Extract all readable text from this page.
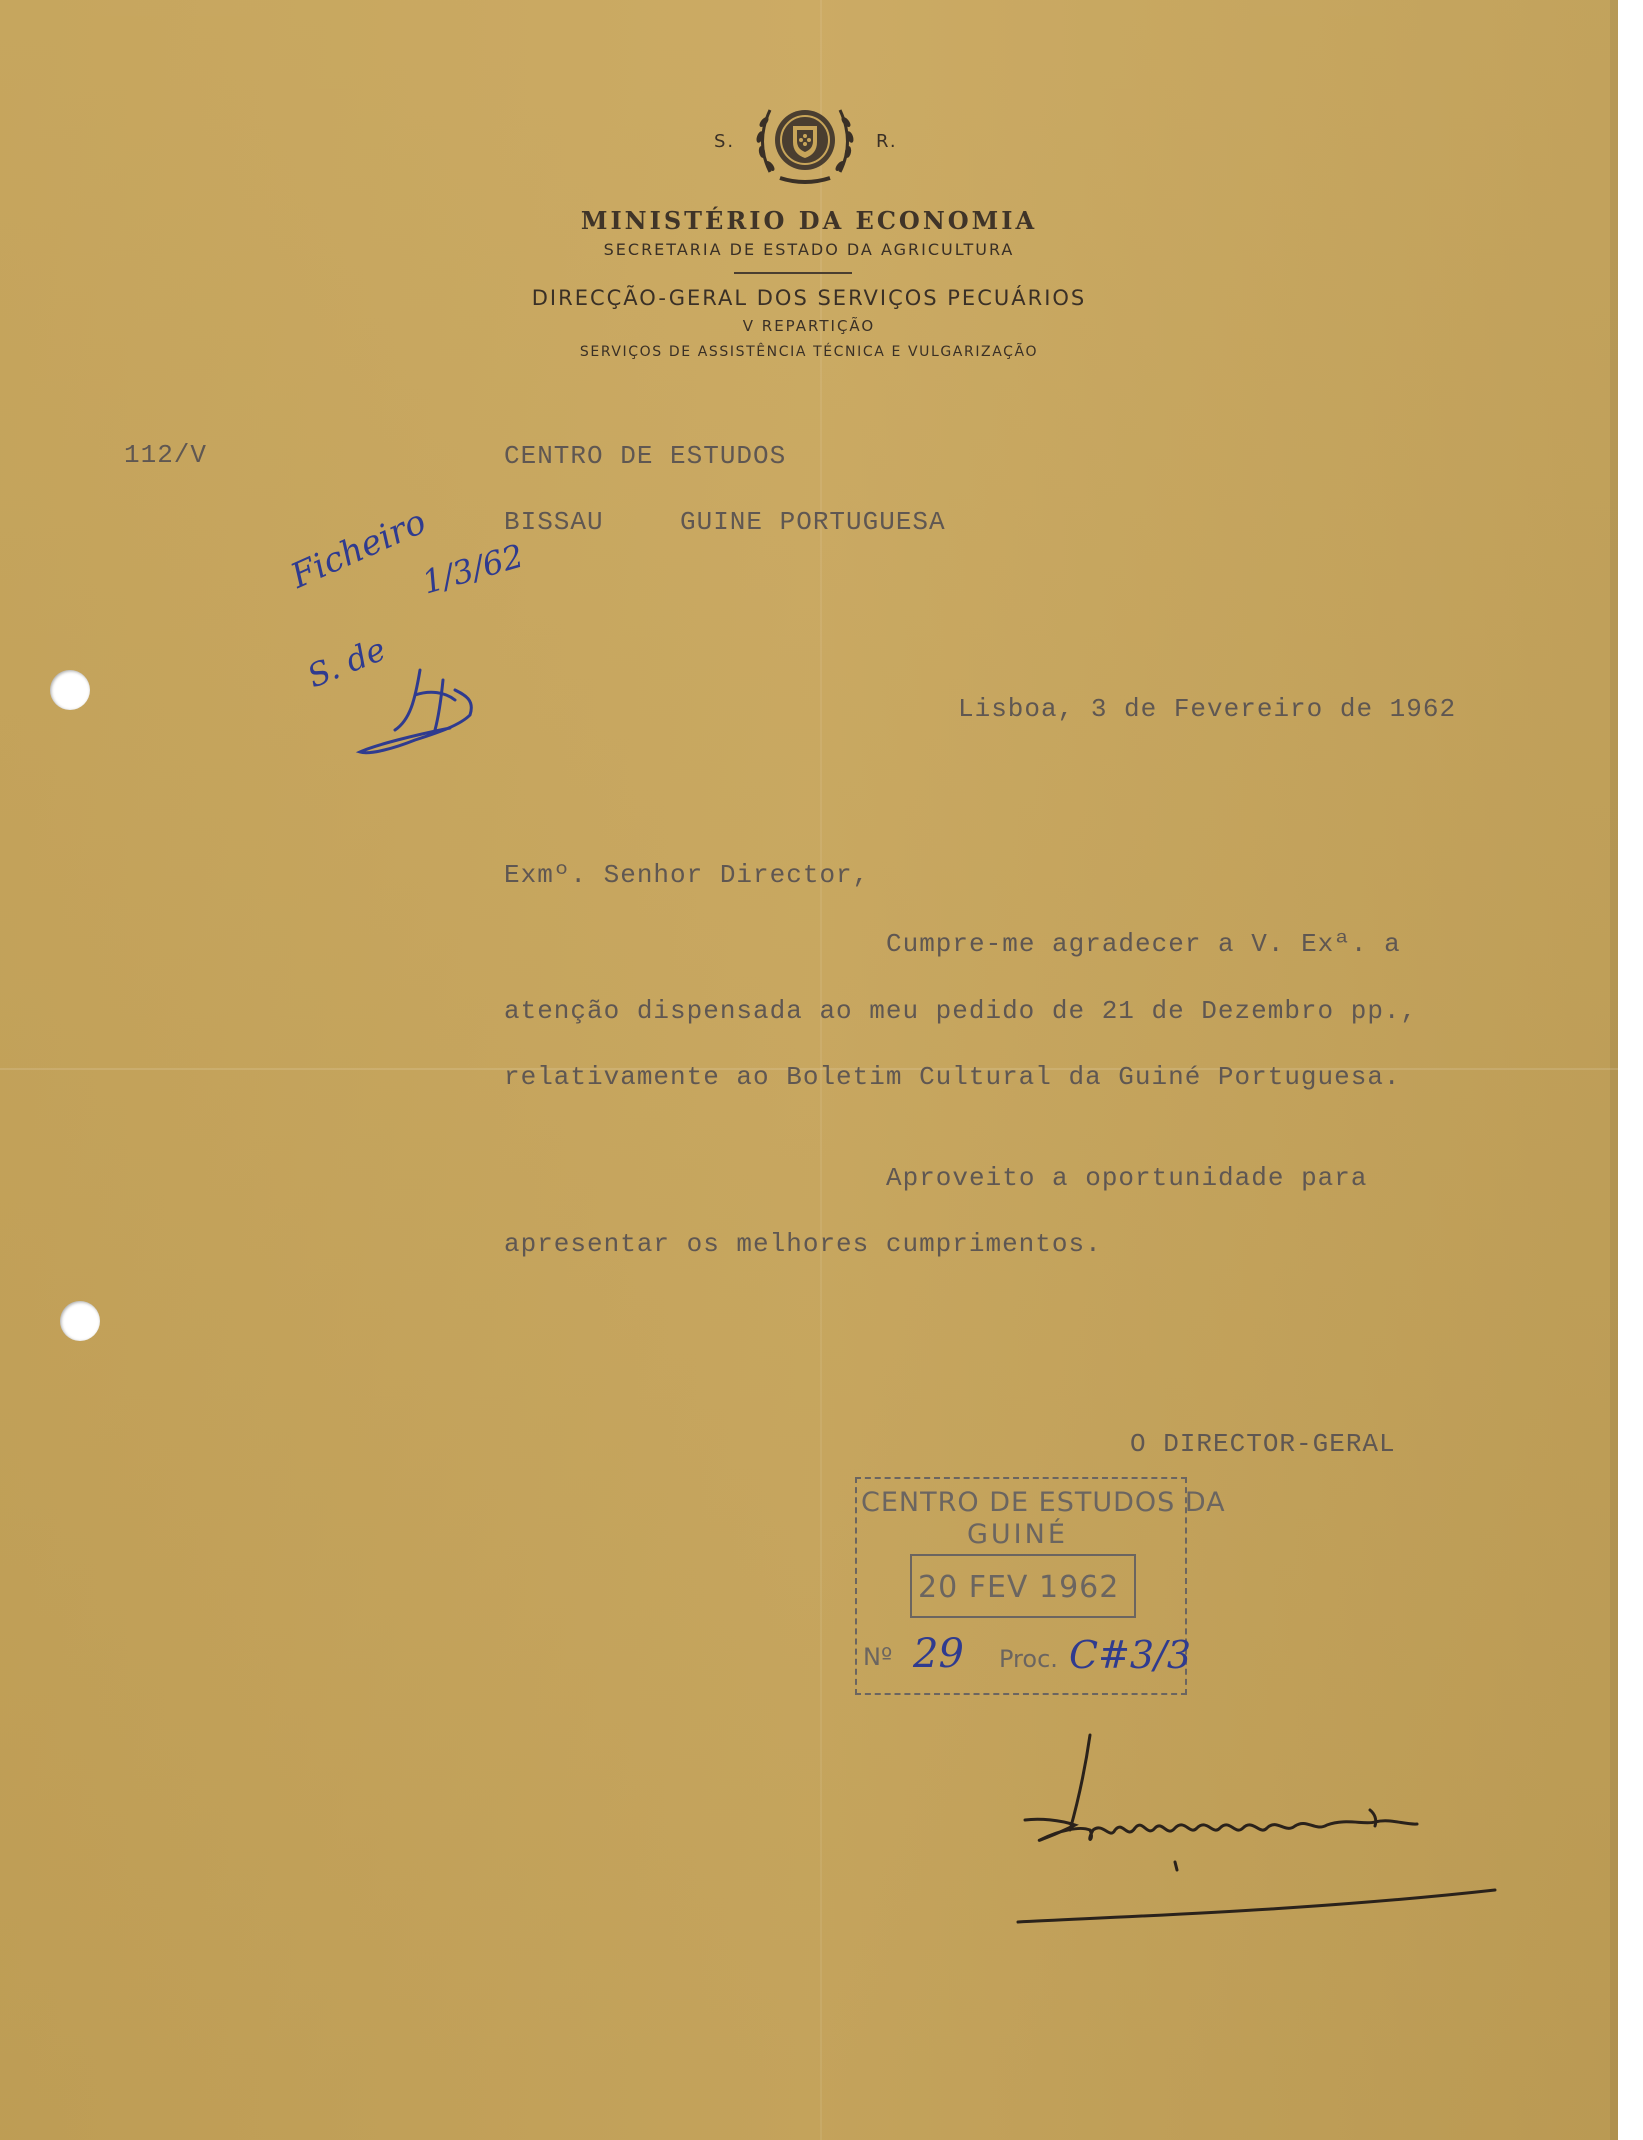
S.	R.
MINISTÉRIO DA ECONOMIA
SECRETARIA DE ESTADO DA AGRICULTURA
DIRECÇÃO-GERAL DOS SERVIÇOS PECUÁRIOS
V REPARTIÇÃO
SERVIÇOS DE ASSISTÊNCIA TÉCNICA E VULGARIZAÇÃO
112/V	CENTRO DE ESTUDOS
BISSAU	GUINE PORTUGUESA
Ficheiro
1/3/62
S. de
Lisboa, 3 de Fevereiro de 1962
Exmº. Senhor Director,
Cumpre-me agradecer a V. Exª. a
atenção dispensada ao meu pedido de 21 de Dezembro pp.,
relativamente ao Boletim Cultural da Guiné Portuguesa.
Aproveito a oportunidade para
apresentar os melhores cumprimentos.
O DIRECTOR-GERAL
CENTRO DE ESTUDOS DA
GUINÉ
20 FEV 1962
Nº 29 Proc. C#3/3
